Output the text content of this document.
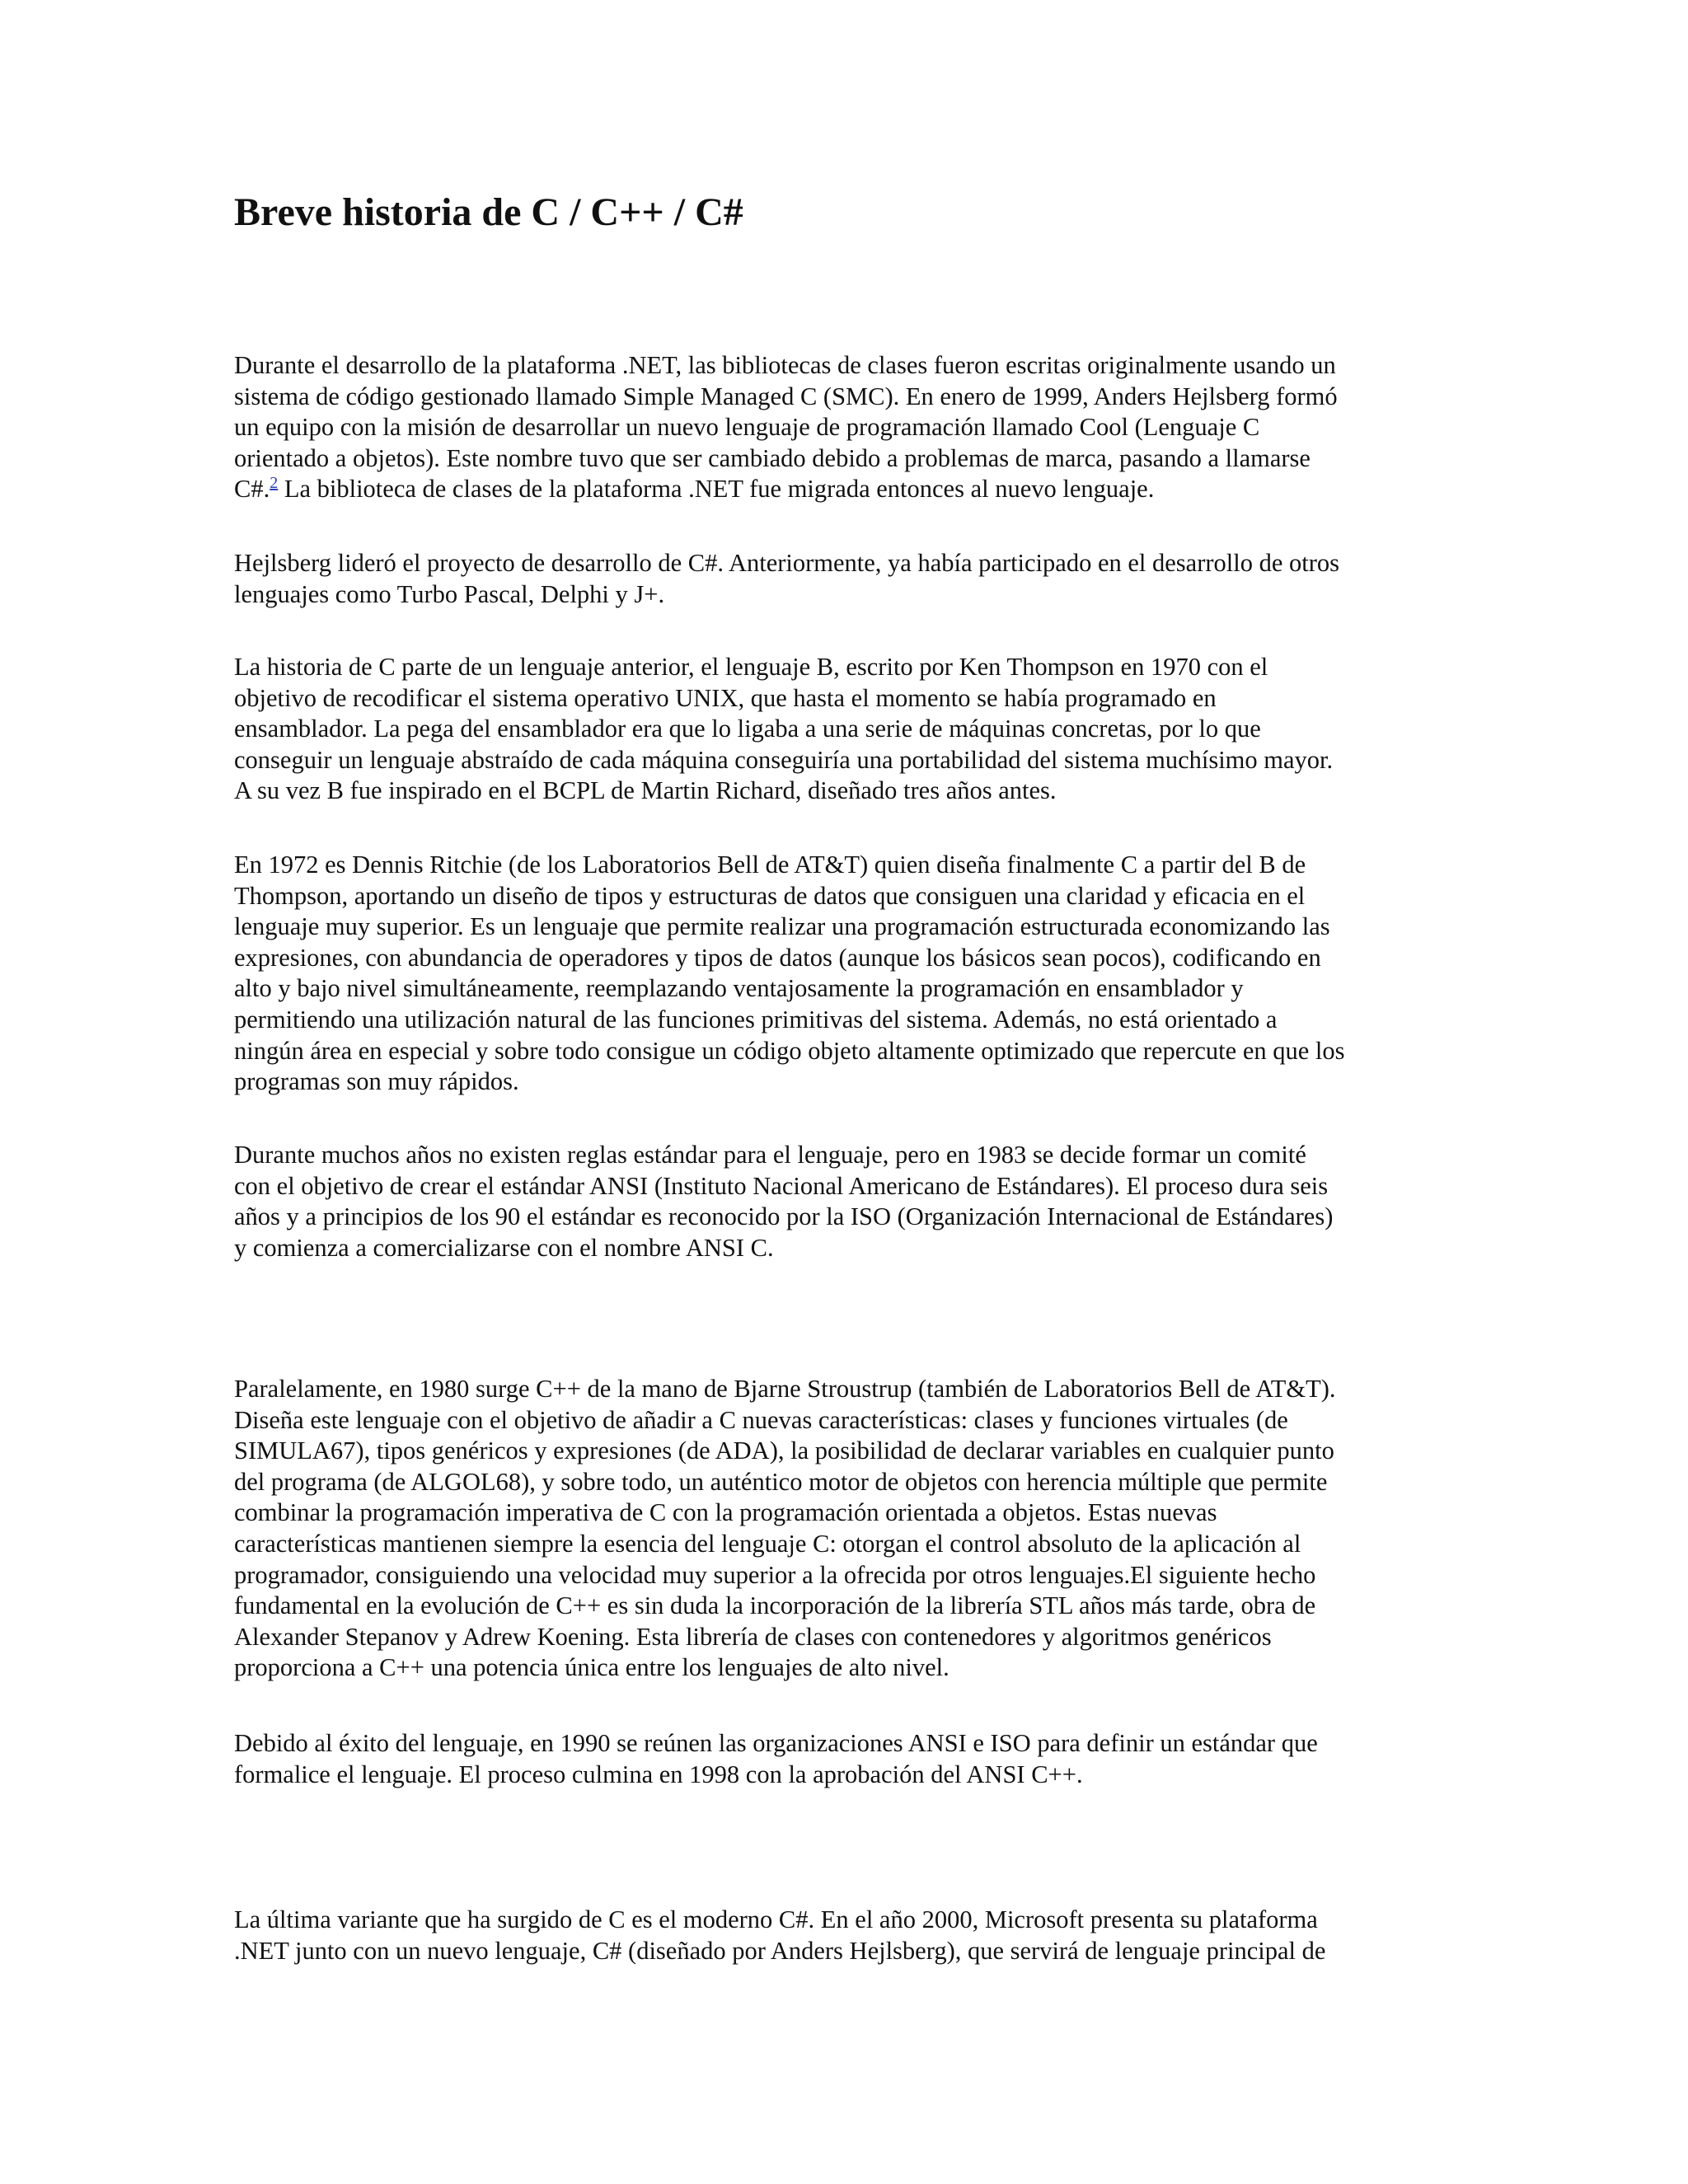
Breve historia de C / C++ / C#

Durante el desarrollo de la plataforma .NET, las bibliotecas de clases fueron escritas originalmente usando un
sistema de código gestionado llamado Simple Managed C (SMC). En enero de 1999, Anders Hejlsberg formó
un equipo con la misión de desarrollar un nuevo lenguaje de programación llamado Cool (Lenguaje C
orientado a objetos). Este nombre tuvo que ser cambiado debido a problemas de marca, pasando a llamarse
C#.$^2$ La biblioteca de clases de la plataforma .NET fue migrada entonces al nuevo lenguaje.

Hejlsberg lideró el proyecto de desarrollo de C#. Anteriormente, ya había participado en el desarrollo de otros
lenguajes como Turbo Pascal, Delphi y J+.

La historia de C parte de un lenguaje anterior, el lenguaje B, escrito por Ken Thompson en 1970 con el
objetivo de recodificar el sistema operativo UNIX, que hasta el momento se había programado en
ensamblador. La pega del ensamblador era que lo ligaba a una serie de máquinas concretas, por lo que
conseguir un lenguaje abstraído de cada máquina conseguiría una portabilidad del sistema muchísimo mayor.
A su vez B fue inspirado en el BCPL de Martin Richard, diseñado tres años antes.

En 1972 es Dennis Ritchie (de los Laboratorios Bell de AT&T) quien diseña finalmente C a partir del B de
Thompson, aportando un diseño de tipos y estructuras de datos que consiguen una claridad y eficacia en el
lenguaje muy superior. Es un lenguaje que permite realizar una programación estructurada economizando las
expresiones, con abundancia de operadores y tipos de datos (aunque los básicos sean pocos), codificando en
alto y bajo nivel simultáneamente, reemplazando ventajosamente la programación en ensamblador y
permitiendo una utilización natural de las funciones primitivas del sistema. Además, no está orientado a
ningún área en especial y sobre todo consigue un código objeto altamente optimizado que repercute en que los
programas son muy rápidos.

Durante muchos años no existen reglas estándar para el lenguaje, pero en 1983 se decide formar un comité
con el objetivo de crear el estándar ANSI (Instituto Nacional Americano de Estándares). El proceso dura seis
años y a principios de los 90 el estándar es reconocido por la ISO (Organización Internacional de Estándares)
y comienza a comercializarse con el nombre ANSI C.

Paralelamente, en 1980 surge C++ de la mano de Bjarne Stroustrup (también de Laboratorios Bell de AT&T).
Diseña este lenguaje con el objetivo de añadir a C nuevas características: clases y funciones virtuales (de
SIMULA67), tipos genéricos y expresiones (de ADA), la posibilidad de declarar variables en cualquier punto
del programa (de ALGOL68), y sobre todo, un auténtico motor de objetos con herencia múltiple que permite
combinar la programación imperativa de C con la programación orientada a objetos. Estas nuevas
características mantienen siempre la esencia del lenguaje C: otorgan el control absoluto de la aplicación al
programador, consiguiendo una velocidad muy superior a la ofrecida por otros lenguajes.El siguiente hecho
fundamental en la evolución de C++ es sin duda la incorporación de la librería STL años más tarde, obra de
Alexander Stepanov y Adrew Koening. Esta librería de clases con contenedores y algoritmos genéricos
proporciona a C++ una potencia única entre los lenguajes de alto nivel.

Debido al éxito del lenguaje, en 1990 se reúnen las organizaciones ANSI e ISO para definir un estándar que
formalice el lenguaje. El proceso culmina en 1998 con la aprobación del ANSI C++.

La última variante que ha surgido de C es el moderno C#. En el año 2000, Microsoft presenta su plataforma
.NET junto con un nuevo lenguaje, C# (diseñado por Anders Hejlsberg), que servirá de lenguaje principal de
